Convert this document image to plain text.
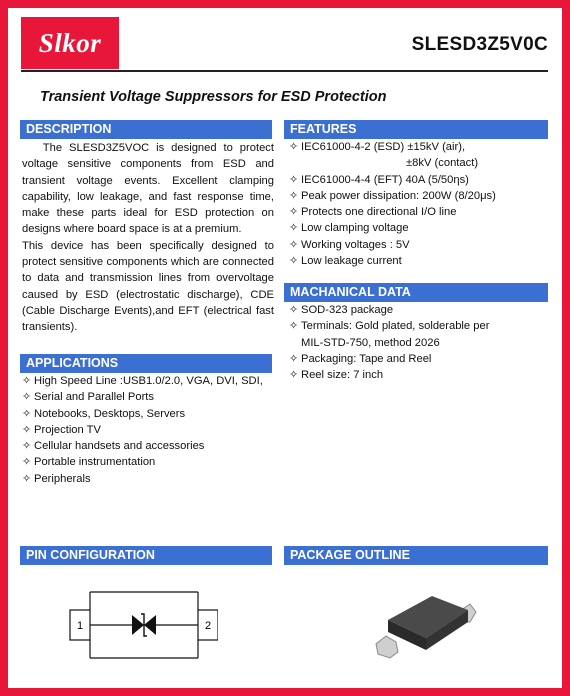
Slkor	SLESD3Z5V0C
Transient Voltage Suppressors for ESD Protection
DESCRIPTION

The SLESD3Z5VOC is designed to protect voltage sensitive components from ESD and transient voltage events. Excellent clamping capability, low leakage, and fast response time, make these parts ideal for ESD protection on designs where board space is at a premium.

This device has been specifically designed to protect sensitive components which are connected to data and transmission lines from overvoltage caused by ESD (electrostatic discharge), CDE (Cable Discharge Events),and EFT (electrical fast transients).

FEATURES
✧ IEC61000-4-2 (ESD) ±15kV (air),
±8kV (contact)
✧ IEC61000-4-4 (EFT) 40A (5/50ηs)
✧ Peak power dissipation: 200W (8/20μs)
✧ Protects one directional I/O line
✧ Low clamping voltage
✧ Working voltages : 5V
✧ Low leakage current
MACHANICAL DATA
✧ SOD-323 package
✧ Terminals: Gold plated, solderable per
MIL-STD-750, method 2026
✧ Packaging: Tape and Reel
✧ Reel size: 7 inch
APPLICATIONS
✧ High Speed Line :USB1.0/2.0, VGA, DVI, SDI,
✧ Serial and Parallel Ports
✧ Notebooks, Desktops, Servers
✧ Projection TV
✧ Cellular handsets and accessories
✧ Portable instrumentation
✧ Peripherals
PIN CONFIGURATION
1	2
PACKAGE OUTLINE
